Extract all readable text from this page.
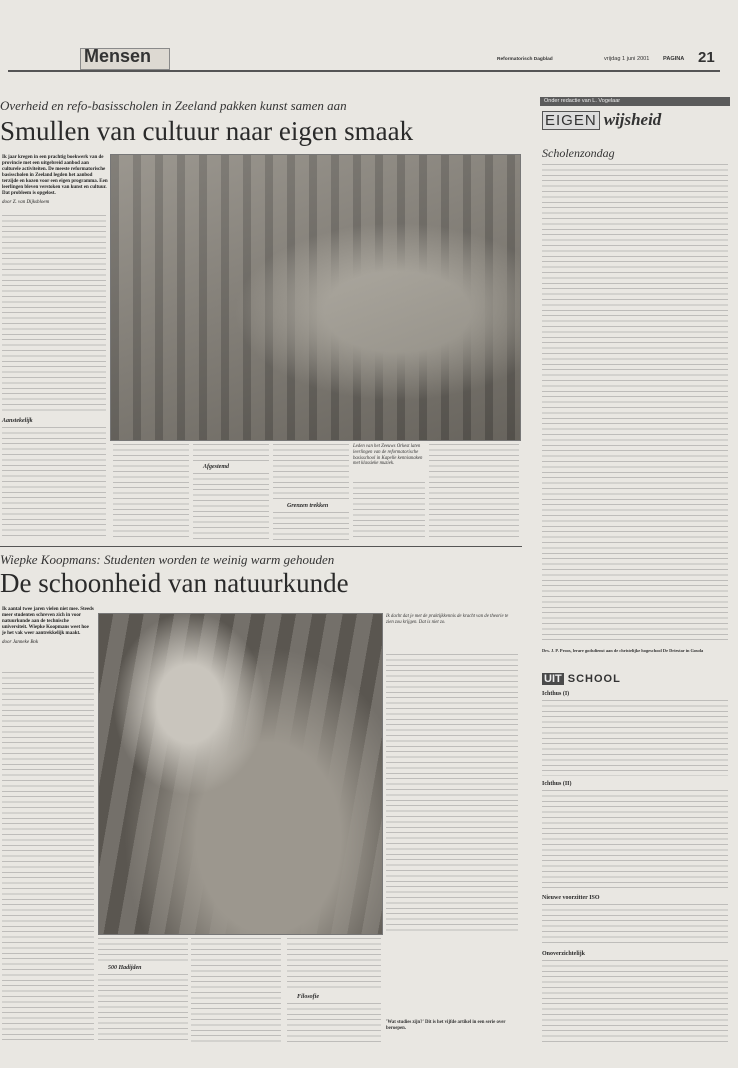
Mensen	Reformatorisch Dagblad	vrijdag 1 juni 2001 PAGINA 21
Overheid en refo-basisscholen in Zeeland pakken kunst samen aan
Smullen van cultuur naar eigen smaak
Ik jaar kregen in een prachtig boekwerk van de provincie met een uitgebreid aanbod aan culturele activiteiten. De meeste reformatorische basisscholen in Zeeland legden het aanbod terzijde en kozen voor een eigen programma. Een leerlingen bleven verstoken van kunst en cultuur. Dat probleem is opgelost.
door Z. van Dijksbloem
Aanstekelijk
Afgestemd
Grenzen trekken
Leden van het Zeeuws Orkest laten leerlingen van de reformatorische basisschool in Kapelle kennismaken met klassieke muziek.
Wiepke Koopmans: Studenten worden te weinig warm gehouden
De schoonheid van natuurkunde
Ik aantal twee jaren vielen niet mee. Steeds meer studenten schreven zich in voor natuurkunde aan de technische universiteit. Wiepke Koopmans weet hoe je het vak weer aantrekkelijk maakt.
door Janneke Bok
Ik dacht dat je met de praktijkkennis de kracht van de theorie te zien zou krijgen. Dat is niet zo.
500 Hadijden
Filosofie
'Wat studies zijn?' Dit is het vijfde artikel in een serie over beroepen.
Onder redactie van L. Vogelaar
EIGEN wijsheid
Scholenzondag
Drs. J. P. Proos, lerare godsdienst aan de christelijke hogeschool De Driestar in Gouda
UIT SCHOOL
Ichthus (I)
Ichthus (II)
Nieuwe voorzitter ISO
Onoverzichtelijk
